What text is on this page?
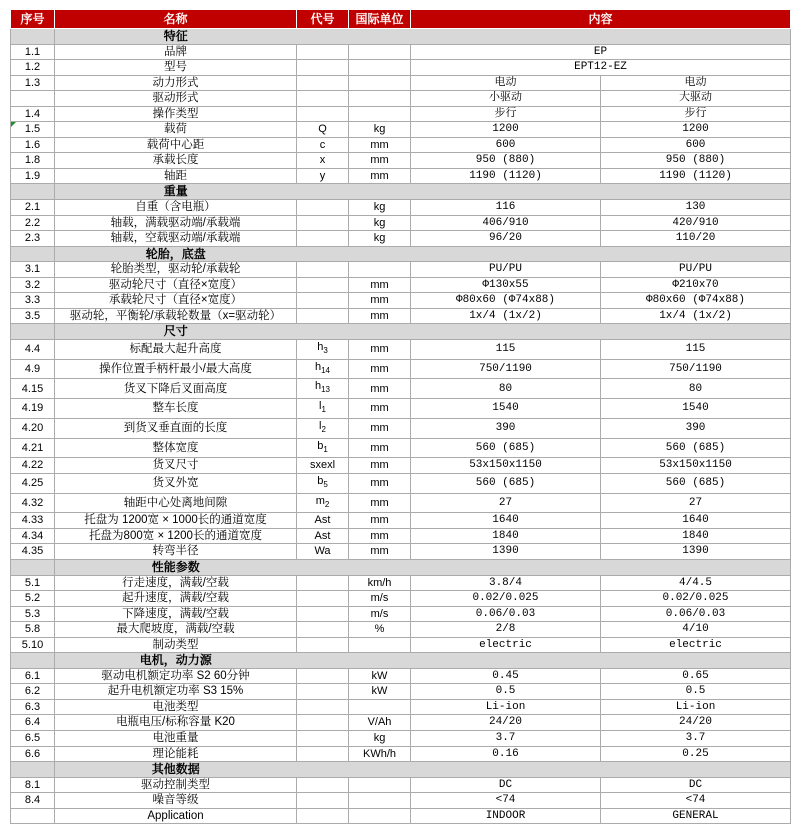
序号	名称	代号	国际单位	内容	
	特征				
1.1	品牌			EP	
1.2	型号			EPT12-EZ	
1.3	动力形式			电动	电动
	驱动形式			小驱动	大驱动
1.4	操作类型			步行	步行
1.5	载荷	Q	kg	1200	1200
1.6	载荷中心距	c	mm	600	600
1.8	承载长度	x	mm	950 (880)	950 (880)
1.9	轴距	y	mm	1190 (1120)	1190 (1120)
	重量				
2.1	自重（含电瓶）		kg	116	130
2.2	轴载，满载驱动端/承载端		kg	406/910	420/910
2.3	轴载，空载驱动端/承载端		kg	96/20	110/20
	轮胎，底盘				
3.1	轮胎类型，驱动轮/承载轮			PU/PU	PU/PU
3.2	驱动轮尺寸（直径×宽度）		mm	Φ130x55	Φ210x70
3.3	承载轮尺寸（直径×宽度）		mm	Φ80x60 (Φ74x88)	Φ80x60 (Φ74x88)
3.5	驱动轮，平衡轮/承载轮数量（x=驱动轮）		mm	1x/4 (1x/2)	1x/4 (1x/2)
	尺寸				
4.4	标配最大起升高度	$h_3$	mm	115	115
4.9	操作位置手柄杆最小/最大高度	$h_{14}$	mm	750/1190	750/1190
4.15	货叉下降后叉面高度	$h_{13}$	mm	80	80
4.19	整车长度	$l_1$	mm	1540	1540
4.20	到货叉垂直面的长度	$l_2$	mm	390	390
4.21	整体宽度	$b_1$	mm	560 (685)	560 (685)
4.22	货叉尺寸	sxexl	mm	53x150x1150	53x150x1150
4.25	货叉外宽	$b_5$	mm	560 (685)	560 (685)
4.32	轴距中心处离地间隙	$m_2$	mm	27	27
4.33	托盘为 1200宽 × 1000长的通道宽度	Ast	mm	1640	1640
4.34	托盘为800宽 × 1200长的通道宽度	Ast	mm	1840	1840
4.35	转弯半径	Wa	mm	1390	1390
	性能参数				
5.1	行走速度，满载/空载		km/h	3.8/4	4/4.5
5.2	起升速度，满载/空载		m/s	0.02/0.025	0.02/0.025
5.3	下降速度，满载/空载		m/s	0.06/0.03	0.06/0.03
5.8	最大爬坡度，满载/空载		%	2/8	4/10
5.10	制动类型			electric	electric
	电机，动力源				
6.1	驱动电机额定功率 S2 60分钟		kW	0.45	0.65
6.2	起升电机额定功率 S3 15%		kW	0.5	0.5
6.3	电池类型			Li-ion	Li-ion
6.4	电瓶电压/标称容量 K20		V/Ah	24/20	24/20
6.5	电池重量		kg	3.7	3.7
6.6	理论能耗		KWh/h	0.16	0.25
	其他数据				
8.1	驱动控制类型			DC	DC
8.4	噪音等级			<74	<74
	Application			INDOOR	GENERAL
